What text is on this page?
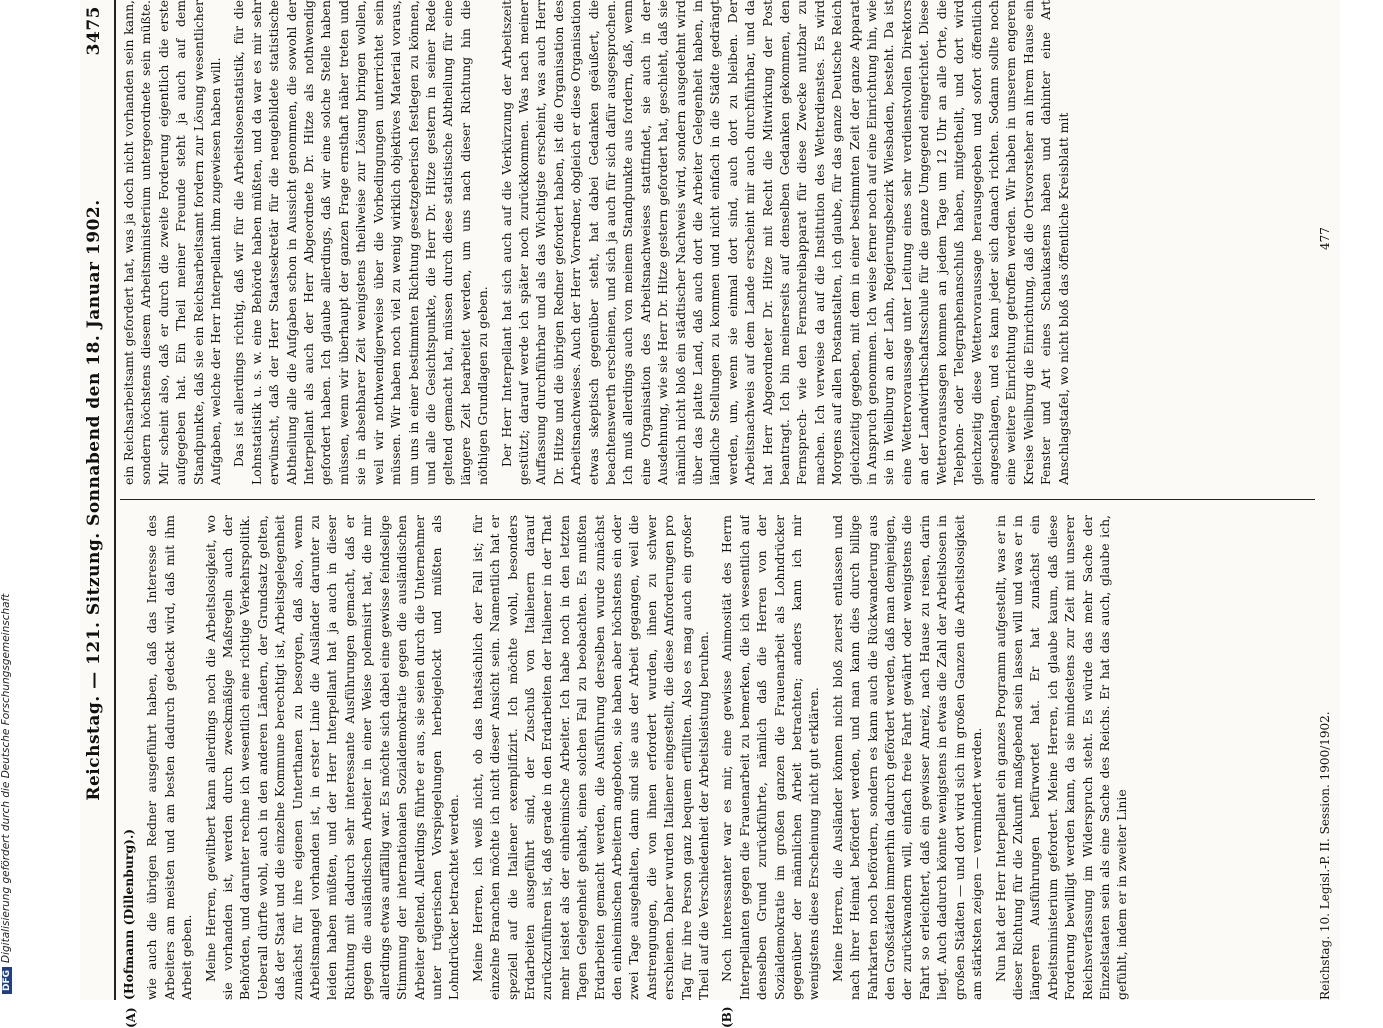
DFGDigitalisierung gefördert durch die Deutsche Forschungsgemeinschaft	Reichstag. — 121. Sitzung. Sonnabend den 18. Januar 1902.
3475
(A)	(B)

(Hofmann (Dillenburg).) wie auch die übrigen Redner ausgeführt haben, daß das Interesse des Arbeiters am meisten und am besten dadurch gedeckt wird, daß mit ihm Arbeit geben. Meine Herren, gewiltbert kann allerdings noch die Arbeitslosigkeit, wo sie vorhanden ist, werden durch zweckmäßige Maßregeln auch der Behörden, und darunter rechne ich wesentlich eine richtige Verkehrspolitik. Ueberall dürfte wohl, auch in den anderen Ländern, der Grundsatz gelten, daß der Staat und die einzelne Kommune berechtigt ist, Arbeitsgelegenheit zunächst für ihre eigenen Unterthanen zu besorgen, daß also, wenn Arbeitsmangel vorhanden ist, in erster Linie die Ausländer darunter zu leiden haben müßten, und der Herr Interpellant hat ja auch in dieser Richtung mit dadurch sehr interessante Ausführungen gemacht, daß er gegen die ausländischen Arbeiter in einer Weise polemisirt hat, die mir allerdings etwas auffällig war. Es möchte sich dabei eine gewisse feindselige Stimmung der internationalen Sozialdemokratie gegen die ausländischen Arbeiter geltend. Allerdings führte er aus, sie seien durch die Unternehmer unter trügerischen Vorspiegelungen herbeigelockt und müßten als Lohndrücker betrachtet werden. Meine Herren, ich weiß nicht, ob das thatsächlich der Fall ist; für einzelne Branchen möchte ich nicht dieser Ansicht sein. Namentlich hat er speziell auf die Italiener exemplifizirt. Ich möchte wohl, besonders Erdarbeiten ausgeführt sind, der Zuschuß von Italienern darauf zurückzuführen ist, daß gerade in den Erdarbeiten der Italiener in der That mehr leistet als der einheimische Arbeiter. Ich habe noch in den letzten Tagen Gelegenheit gehabt, einen solchen Fall zu beobachten. Es mußten Erdarbeiten gemacht werden, die Ausführung derselben wurde zunächst den einheimischen Arbeitern angeboten, sie haben aber höchstens ein oder zwei Tage ausgehalten, dann sind sie aus der Arbeit gegangen, weil die Anstrengungen, die von ihnen erfordert wurden, ihnen zu schwer erschienen. Daher wurden Italiener eingestellt, die diese Anforderungen pro Tag für ihre Person ganz bequem erfüllten. Also es mag auch ein großer Theil auf die Verschiedenheit der Arbeitsleistung beruhen. Noch interessanter war es mir, eine gewisse Animosität des Herrn Interpellanten gegen die Frauenarbeit zu bemerken, die ich wesentlich auf denselben Grund zurückführte, nämlich daß die Herren von der Sozialdemokratie im großen ganzen die Frauenarbeit als Lohndrücker gegenüber der männlichen Arbeit betrachten; anders kann ich mir wenigstens diese Erscheinung nicht gut erklären. Meine Herren, die Ausländer können nicht bloß zuerst entlassen und nach ihrer Heimat befördert werden, und man kann dies durch billige Fahrkarten noch befördern, sondern es kann auch die Rückwanderung aus den Großstädten immerhin dadurch gefördert werden, daß man demjenigen, der zurückwandern will, einfach freie Fahrt gewährt oder wenigstens die Fahrt so erleichtert, daß ein gewisser Anreiz, nach Hause zu reisen, darin liegt. Auch dadurch könnte wenigstens in etwas die Zahl der Arbeitslosen in großen Städten — und dort wird sich im großen Ganzen die Arbeitslosigkeit am stärksten zeigen — vermindert werden. Nun hat der Herr Interpellant ein ganzes Programm aufgestellt, was er in dieser Richtung für die Zukunft maßgebend sein lassen will und was er in längeren Ausführungen befürwortet hat. Er hat zunächst ein Arbeitsministerium gefordert. Meine Herren, ich glaube kaum, daß diese Forderung bewilligt werden kann, da sie mindestens zur Zeit mit unserer Reichsverfassung im Widerspruch steht. Es würde das mehr Sache der Einzelstaaten sein als eine Sache des Reichs. Er hat das auch, glaube ich, gefühlt, indem er in zweiter Linie

ein Reichsarbeitsamt gefordert hat, was ja doch nicht vorhanden sein kann, sondern höchstens diesem Arbeitsministerium untergeordnete sein müßte. Mir scheint also, daß er durch die zweite Forderung eigentlich die erste aufgegeben hat. Ein Theil meiner Freunde steht ja auch auf dem Standpunkte, daß sie ein Reichsarbeitsamt fordern zur Lösung wesentlicher Aufgaben, welche der Herr Interpellant ihm zugewiesen haben will. Das ist allerdings richtig, daß wir für die Arbeitslosenstatistik, für die Lohnstatistik u. s. w. eine Behörde haben müßten, und da war es mir sehr erwünscht, daß der Herr Staatssekretär für die neugebildete statistische Abtheilung alle die Aufgaben schon in Aussicht genommen, die sowohl der Interpellant als auch der Herr Abgeordnete Dr. Hitze als nothwendig gefordert haben. Ich glaube allerdings, daß wir eine solche Stelle haben müssen, wenn wir überhaupt der ganzen Frage ernsthaft näher treten und sie in absehbarer Zeit wenigstens theilweise zur Lösung bringen wollen, weil wir nothwendigerweise über die Vorbedingungen unterrichtet sein müssen. Wir haben noch viel zu wenig wirklich objektives Material voraus, um uns in einer bestimmten Richtung gesetzgeberisch festlegen zu können, und alle die Gesichtspunkte, die Herr Dr. Hitze gestern in seiner Rede geltend gemacht hat, müssen durch diese statistische Abtheilung für eine längere Zeit bearbeitet werden, um uns nach dieser Richtung hin die nöthigen Grundlagen zu geben. Der Herr Interpellant hat sich auch auf die Verkürzung der Arbeitszeit gestützt; darauf werde ich später noch zurückkommen. Was nach meiner Auffassung durchführbar und als das Wichtigste erscheint, was auch Herr Dr. Hitze und die übrigen Redner gefordert haben, ist die Organisation des Arbeitsnachweises. Auch der Herr Vorredner, obgleich er diese Organisation etwas skeptisch gegenüber steht, hat dabei Gedanken geäußert, die beachtenswerth erscheinen, und sich ja auch für sich dafür ausgesprochen. Ich muß allerdings auch von meinem Standpunkte aus fordern, daß, wenn eine Organisation des Arbeitsnachweises stattfindet, sie auch in der Ausdehnung, wie sie Herr Dr. Hitze gestern gefordert hat, geschieht, daß sie nämlich nicht bloß ein städtischer Nachweis wird, sondern ausgedehnt wird über das platte Land, daß auch dort die Arbeiter Gelegenheit haben, in ländliche Stellungen zu kommen und nicht einfach in die Städte gedrängt werden, um, wenn sie einmal dort sind, auch dort zu bleiben. Der Arbeitsnachweis auf dem Lande erscheint mir auch durchführbar, und da hat Herr Abgeordneter Dr. Hitze mit Recht die Mitwirkung der Post beantragt. Ich bin meinerseits auf denselben Gedanken gekommen, den Fernsprech- wie den Fernschreibapparat für diese Zwecke nutzbar zu machen. Ich verweise da auf die Institution des Wetterdienstes. Es wird Morgens auf allen Postanstalten, ich glaube, für das ganze Deutsche Reich gleichzeitig gegeben, mit dem in einer bestimmten Zeit der ganze Apparat in Anspruch genommen. Ich weise ferner noch auf eine Einrichtung hin, wie sie in Weilburg an der Lahn, Regierungsbezirk Wiesbaden, besteht. Da ist eine Wettervoraussage unter Leitung eines sehr verdienstvollen Direktors an der Landwirthschaftsschule für die ganze Umgegend eingerichtet. Diese Wettervoraussagen kommen an jedem Tage um 12 Uhr an alle Orte, die Telephon- oder Telegraphenanschluß haben, mitgetheilt, und dort wird gleichzeitig diese Wettervoraussage herausgegeben und sofort öffentlich angeschlagen, und es kann jeder sich danach richten. Sodann sollte noch eine weitere Einrichtung getroffen werden. Wir haben in unserem engeren Kreise Weilburg die Einrichtung, daß die Ortsvorsteher an ihrem Hause ein Fenster und Art eines Schaukastens haben und dahinter eine Art Anschlagstafel, wo nicht bloß das öffentliche Kreisblatt mit

Reichstag. 10. Legisl.-P. II. Session. 1900/1902.
477
